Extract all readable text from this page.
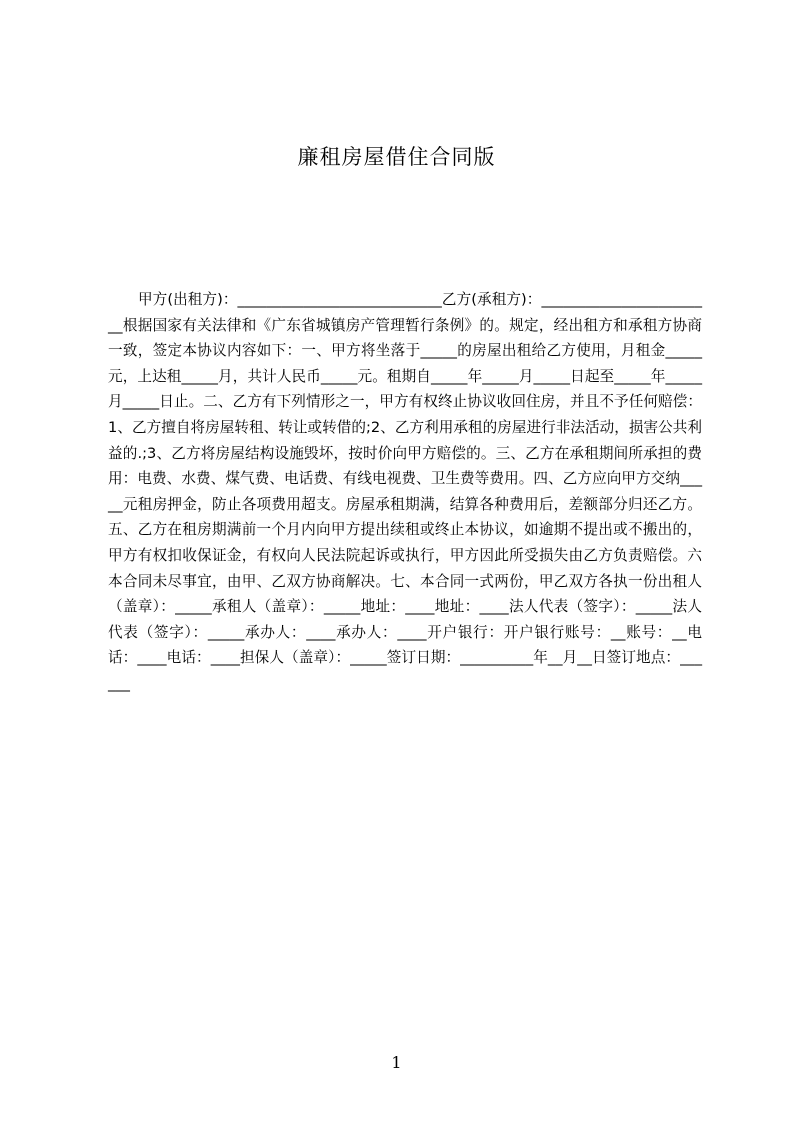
廉租房屋借住合同版

甲方(出租方)：____________________________乙方(承租方)：________________________根据国家有关法律和《广东省城镇房产管理暂行条例》的。规定，经出租方和承租方协商一致，签定本协议内容如下：一、甲方将坐落于_____的房屋出租给乙方使用，月租金_____元，上达租_____月，共计人民币_____元。租期自_____年_____月_____日起至_____年_____月_____日止。二、乙方有下列情形之一，甲方有权终止协议收回住房，并且不予任何赔偿：1、乙方擅自将房屋转租、转让或转借的;2、乙方利用承租的房屋进行非法活动，损害公共利益的.;3、乙方将房屋结构设施毁坏，按时价向甲方赔偿的。三、乙方在承租期间所承担的费用：电费、水费、煤气费、电话费、有线电视费、卫生费等费用。四、乙方应向甲方交纳_____元租房押金，防止各项费用超支。房屋承租期满，结算各种费用后，差额部分归还乙方。五、乙方在租房期满前一个月内向甲方提出续租或终止本协议，如逾期不提出或不搬出的，甲方有权扣收保证金，有权向人民法院起诉或执行，甲方因此所受损失由乙方负责赔偿。六本合同未尽事宜，由甲、乙双方协商解决。七、本合同一式两份，甲乙双方各执一份出租人（盖章）：_____承租人（盖章）：_____地址：____地址：____法人代表（签字）：_____法人代表（签字）：_____承办人：____承办人：____开户银行：开户银行账号：__账号：__电话：____电话：____担保人（盖章）：_____签订日期：__________年__月__日签订地点：______

1
